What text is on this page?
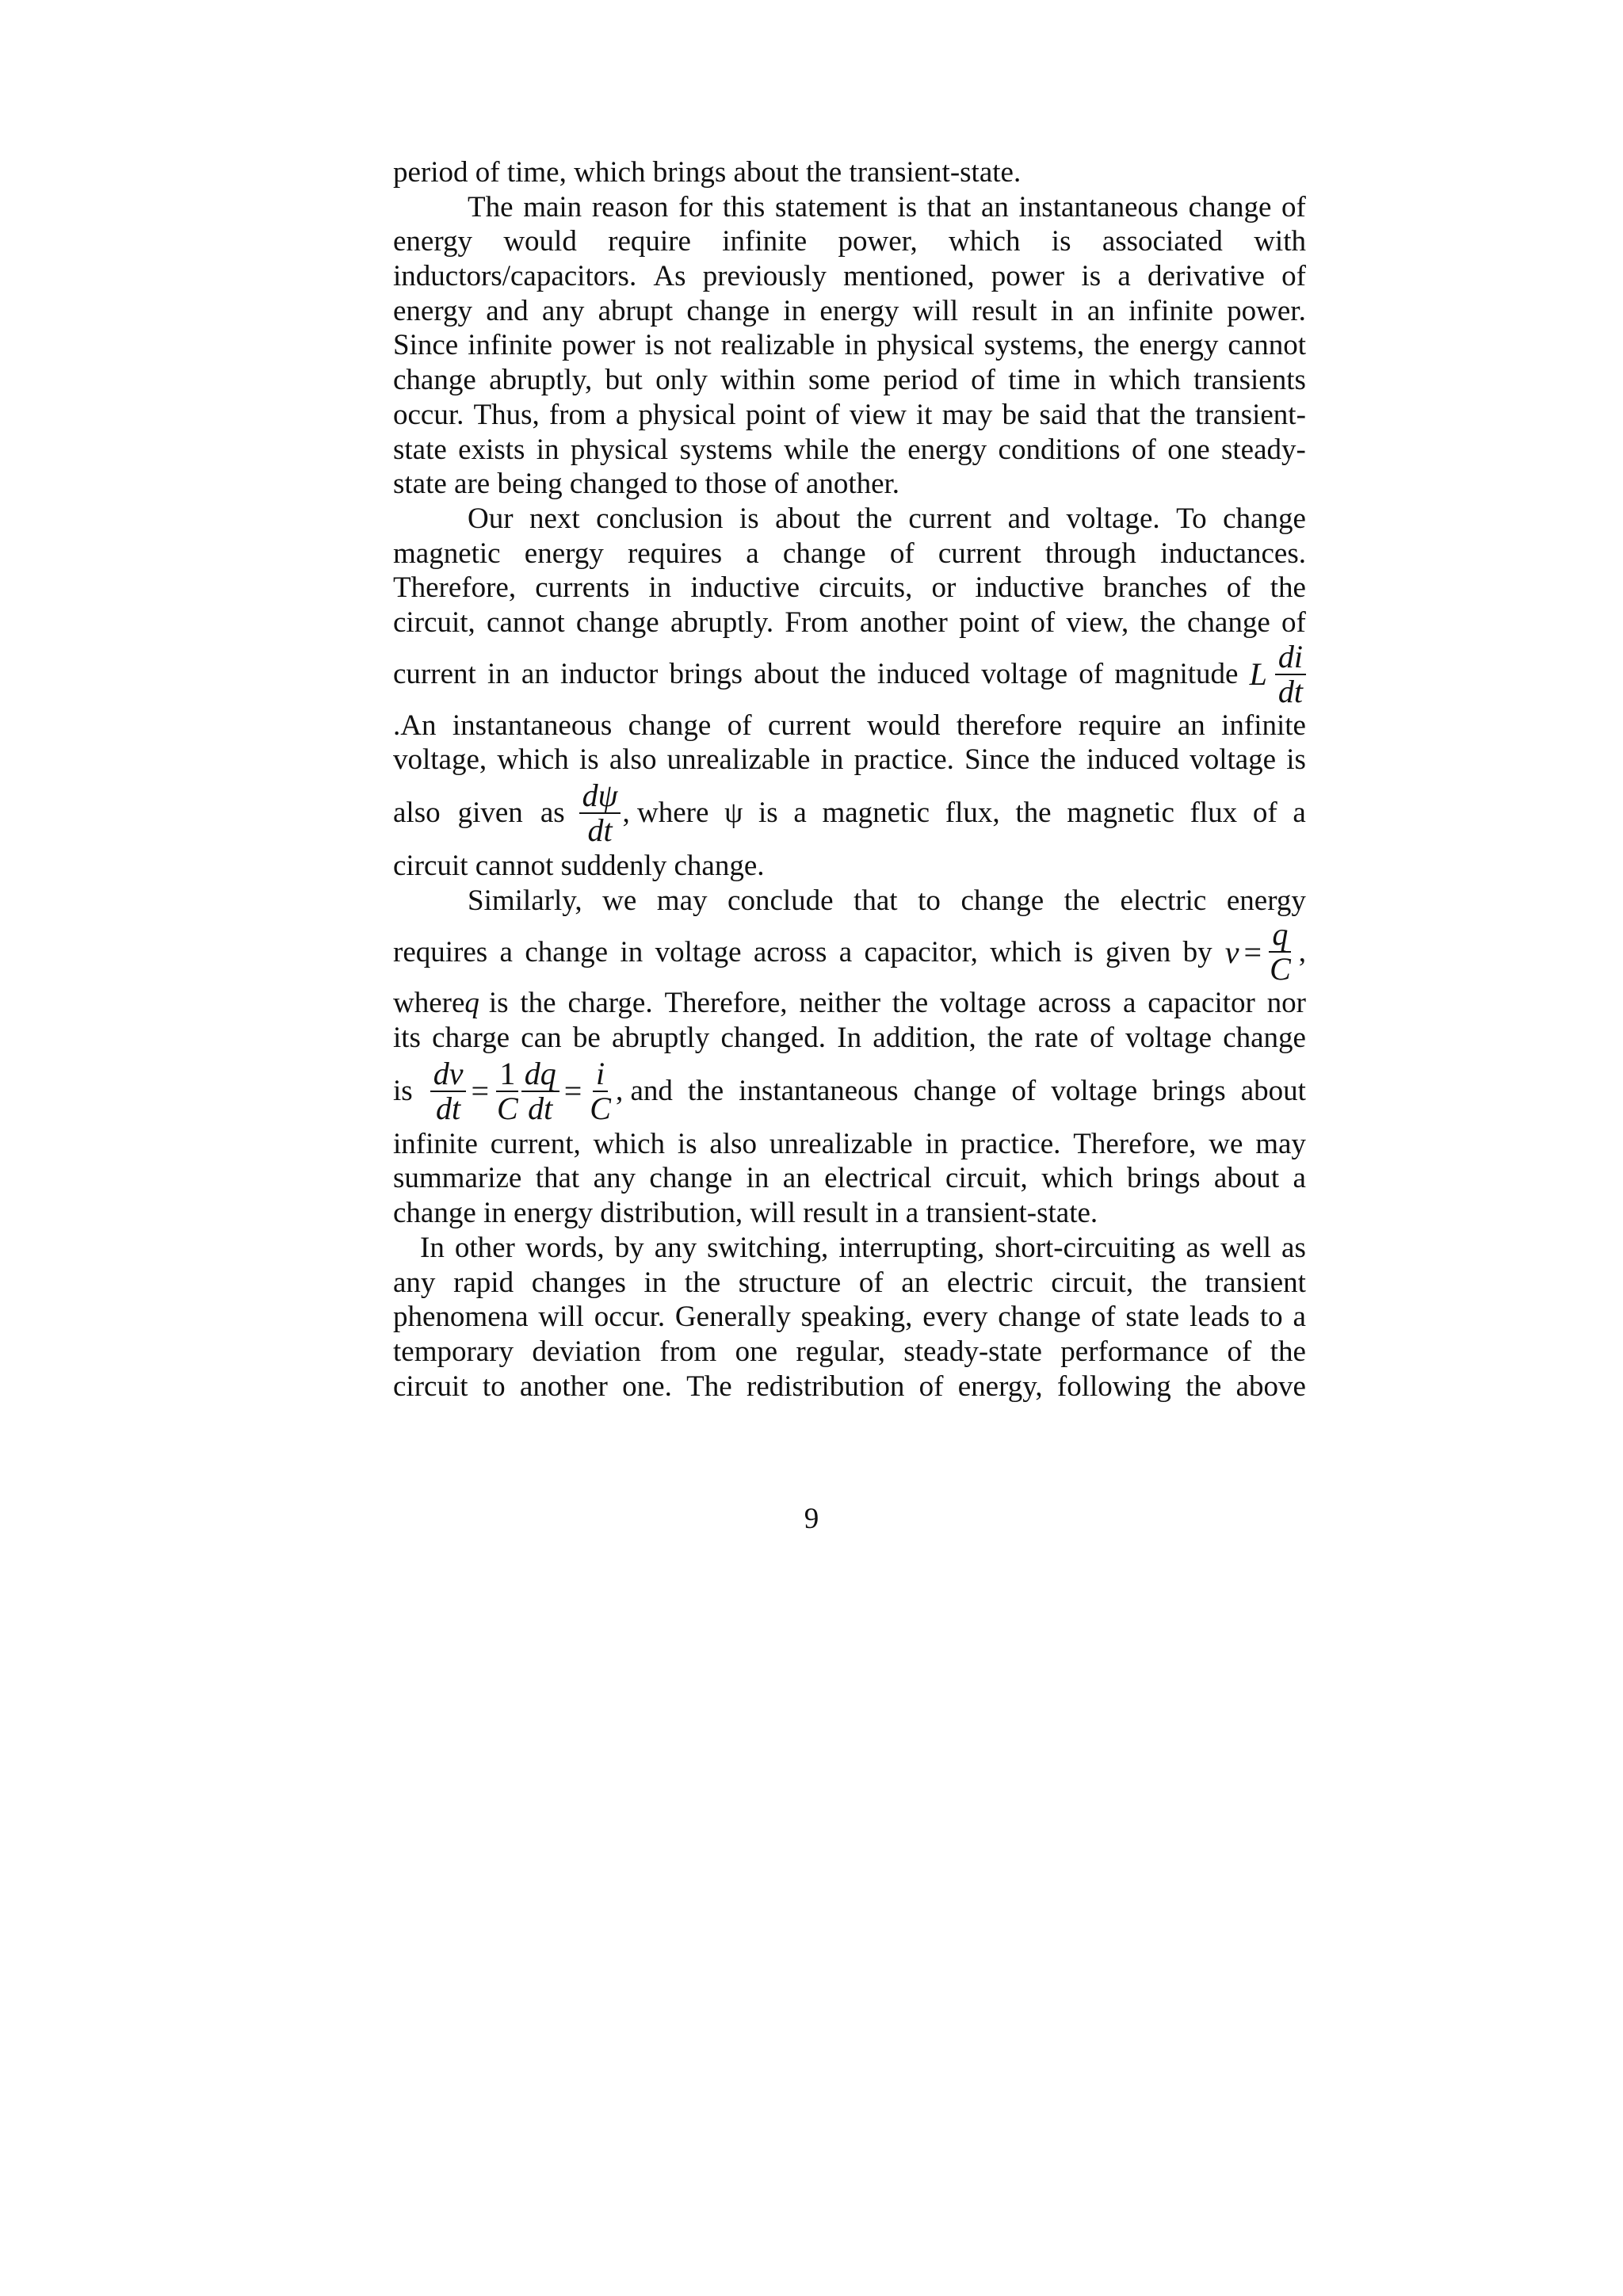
period of time, which brings about the transient-state.
The main reason for this statement is that an instantaneous change of
energy would require infinite power, which is associated with
inductors/capacitors. As previously mentioned, power is a derivative of
energy and any abrupt change in energy will result in an infinite power.
Since infinite power is not realizable in physical systems, the energy cannot
change abruptly, but only within some period of time in which transients
occur. Thus, from a physical point of view it may be said that the transient-
state exists in physical systems while the energy conditions of one steady-
state are being changed to those of another.
Our next conclusion is about the current and voltage. To change
magnetic energy requires a change of current through inductances.
Therefore, currents in inductive circuits, or inductive branches of the
circuit, cannot change abruptly. From another point of view, the change of
current in an inductor brings about the induced voltage of magnitude L $\frac{di}{dt}$
.An instantaneous change of current would therefore require an infinite
voltage, which is also unrealizable in practice. Since the induced voltage is
also given as $\frac{d\psi}{dt}$ , where ψ is a magnetic flux, the magnetic flux of a
circuit cannot suddenly change.
Similarly, we may conclude that to change the electric energy
requires a change in voltage across a capacitor, which is given by $v = \frac{q}{C}$ ,
where q is the charge. Therefore, neither the voltage across a capacitor nor
its charge can be abruptly changed. In addition, the rate of voltage change
is $\frac{dv}{dt} = \frac{1}{C} \frac{dq}{dt} = \frac{i}{C}$ , and the instantaneous change of voltage brings about
infinite current, which is also unrealizable in practice. Therefore, we may
summarize that any change in an electrical circuit, which brings about a
change in energy distribution, will result in a transient-state.
In other words, by any switching, interrupting, short-circuiting as well as
any rapid changes in the structure of an electric circuit, the transient
phenomena will occur. Generally speaking, every change of state leads to a
temporary deviation from one regular, steady-state performance of the
circuit to another one. The redistribution of energy, following the above
9
